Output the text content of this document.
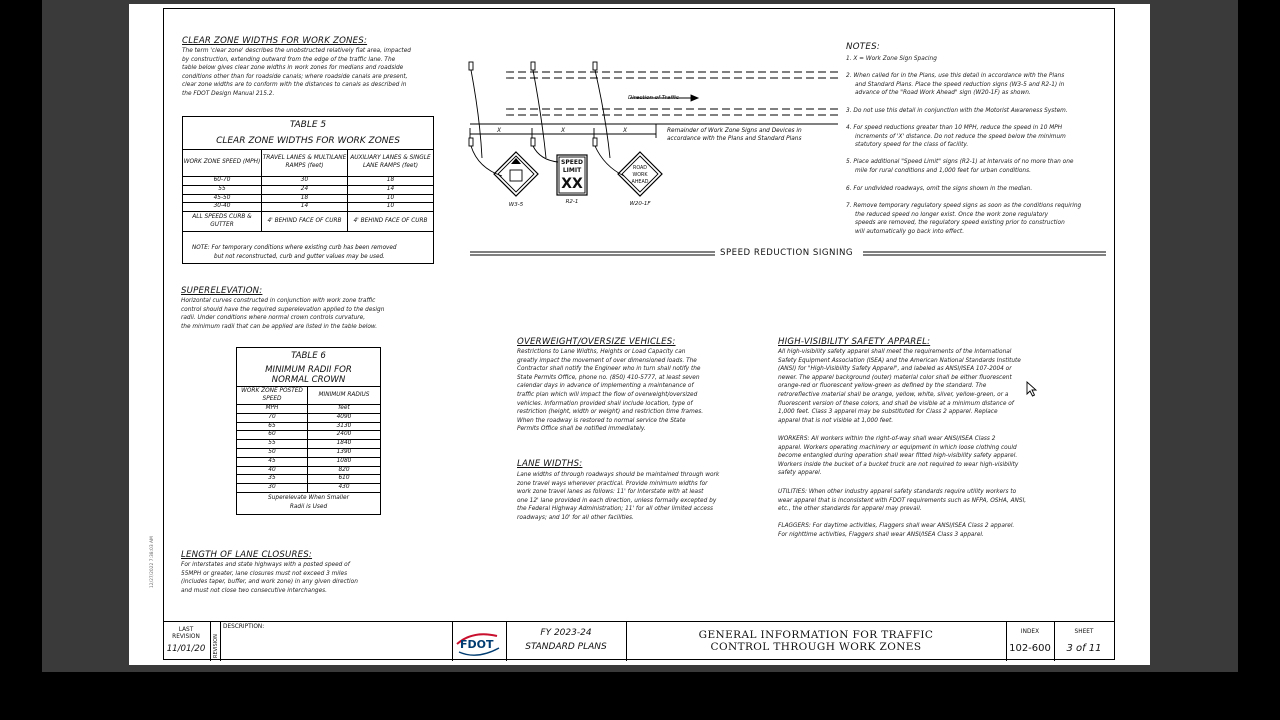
CLEAR ZONE WIDTHS FOR WORK ZONES:
The term 'clear zone' describes the unobstructed relatively flat area, impacted
by construction, extending outward from the edge of the traffic lane. The
table below gives clear zone widths in work zones for medians and roadside
conditions other than for roadside canals; where roadside canals are present,
clear zone widths are to conform with the distances to canals as described in
the FDOT Design Manual 215.2.
TABLE 5
CLEAR ZONE WIDTHS FOR WORK ZONES
WORK ZONE SPEED (MPH)	TRAVEL LANES & MULTILANE RAMPS (feet)	AUXILIARY LANES & SINGLE LANE RAMPS (feet)
60-70	30	18
55	24	14
45-50	18	10
30-40	14	10
ALL SPEEDS CURB & GUTTER	4' BEHIND FACE OF CURB	4' BEHIND FACE OF CURB
NOTE: For temporary conditions where existing curb has been removed
but not reconstructed, curb and gutter values may be used.
SUPERELEVATION:
Horizontal curves constructed in conjunction with work zone traffic
control should have the required superelevation applied to the design
radii. Under conditions where normal crown controls curvature,
the minimum radii that can be applied are listed in the table below.
TABLE 6
MINIMUM RADII FOR
NORMAL CROWN
WORK ZONE POSTED SPEED	MINIMUM RADIUS
MPH	feet
70	4090
65	3130
60	2400
55	1840
50	1390
45	1080
40	820
35	610
30	430
Superelevate When Smaller
Radii is Used
LENGTH OF LANE CLOSURES:
For interstates and state highways with a posted speed of
55MPH or greater, lane closures must not exceed 3 miles
(includes taper, buffer, and work zone) in any given direction
and must not close two consecutive interchanges.
12/27/2022 7:38:03 AM
Direction of Traffic
X	X	X	Remainder of Work Zone Signs and Devices in
accordance with the Plans and Standard Plans
W3-5	R2-1	W20-1F
SPEED
LIMIT
XX
ROAD
WORK
AHEAD
SPEED REDUCTION SIGNING
NOTES:
1. X = Work Zone Sign Spacing
2. When called for in the Plans, use this detail in accordance with the Plans
and Standard Plans. Place the speed reduction signs (W3-5 and R2-1) in
advance of the "Road Work Ahead" sign (W20-1F) as shown.
3. Do not use this detail in conjunction with the Motorist Awareness System.
4. For speed reductions greater than 10 MPH, reduce the speed in 10 MPH
increments of 'X' distance. Do not reduce the speed below the minimum
statutory speed for the class of facility.
5. Place additional "Speed Limit" signs (R2-1) at intervals of no more than one
mile for rural conditions and 1,000 feet for urban conditions.
6. For undivided roadways, omit the signs shown in the median.
7. Remove temporary regulatory speed signs as soon as the conditions requiring
the reduced speed no longer exist. Once the work zone regulatory
speeds are removed, the regulatory speed existing prior to construction
will automatically go back into effect.
OVERWEIGHT/OVERSIZE VEHICLES:
Restrictions to Lane Widths, Heights or Load Capacity can
greatly impact the movement of over dimensioned loads. The
Contractor shall notify the Engineer who in turn shall notify the
State Permits Office, phone no. (850) 410-5777, at least seven
calendar days in advance of implementing a maintenance of
traffic plan which will impact the flow of overweight/oversized
vehicles. Information provided shall include location, type of
restriction (height, width or weight) and restriction time frames.
When the roadway is restored to normal service the State
Permits Office shall be notified immediately.
LANE WIDTHS:
Lane widths of through roadways should be maintained through work
zone travel ways wherever practical. Provide minimum widths for
work zone travel lanes as follows: 11' for Interstate with at least
one 12' lane provided in each direction, unless formally excepted by
the Federal Highway Administration; 11' for all other limited access
roadways; and 10' for all other facilities.
HIGH-VISIBILITY SAFETY APPAREL:
All high-visibility safety apparel shall meet the requirements of the International
Safety Equipment Association (ISEA) and the American National Standards Institute
(ANSI) for "High-Visibility Safety Apparel", and labeled as ANSI/ISEA 107-2004 or
newer. The apparel background (outer) material color shall be either fluorescent
orange-red or fluorescent yellow-green as defined by the standard. The
retroreflective material shall be orange, yellow, white, silver, yellow-green, or a
fluorescent version of these colors, and shall be visible at a minimum distance of
1,000 feet. Class 3 apparel may be substituted for Class 2 apparel. Replace
apparel that is not visible at 1,000 feet.
WORKERS: All workers within the right-of-way shall wear ANSI/ISEA Class 2
apparel. Workers operating machinery or equipment in which loose clothing could
become entangled during operation shall wear fitted high-visibility safety apparel.
Workers inside the bucket of a bucket truck are not required to wear high-visibility
safety apparel.
UTILITIES: When other industry apparel safety standards require utility workers to
wear apparel that is inconsistent with FDOT requirements such as NFPA, OSHA, ANSI,
etc., the other standards for apparel may prevail.
FLAGGERS: For daytime activities, Flaggers shall wear ANSI/ISEA Class 2 apparel.
For nighttime activities, Flaggers shall wear ANSI/ISEA Class 3 apparel.
LAST
REVISION
11/01/20	REVISION
DESCRIPTION:
FDOT
FY 2023-24
STANDARD PLANS
GENERAL INFORMATION FOR TRAFFIC
CONTROL THROUGH WORK ZONES
INDEX
102-600
SHEET
3 of 11
